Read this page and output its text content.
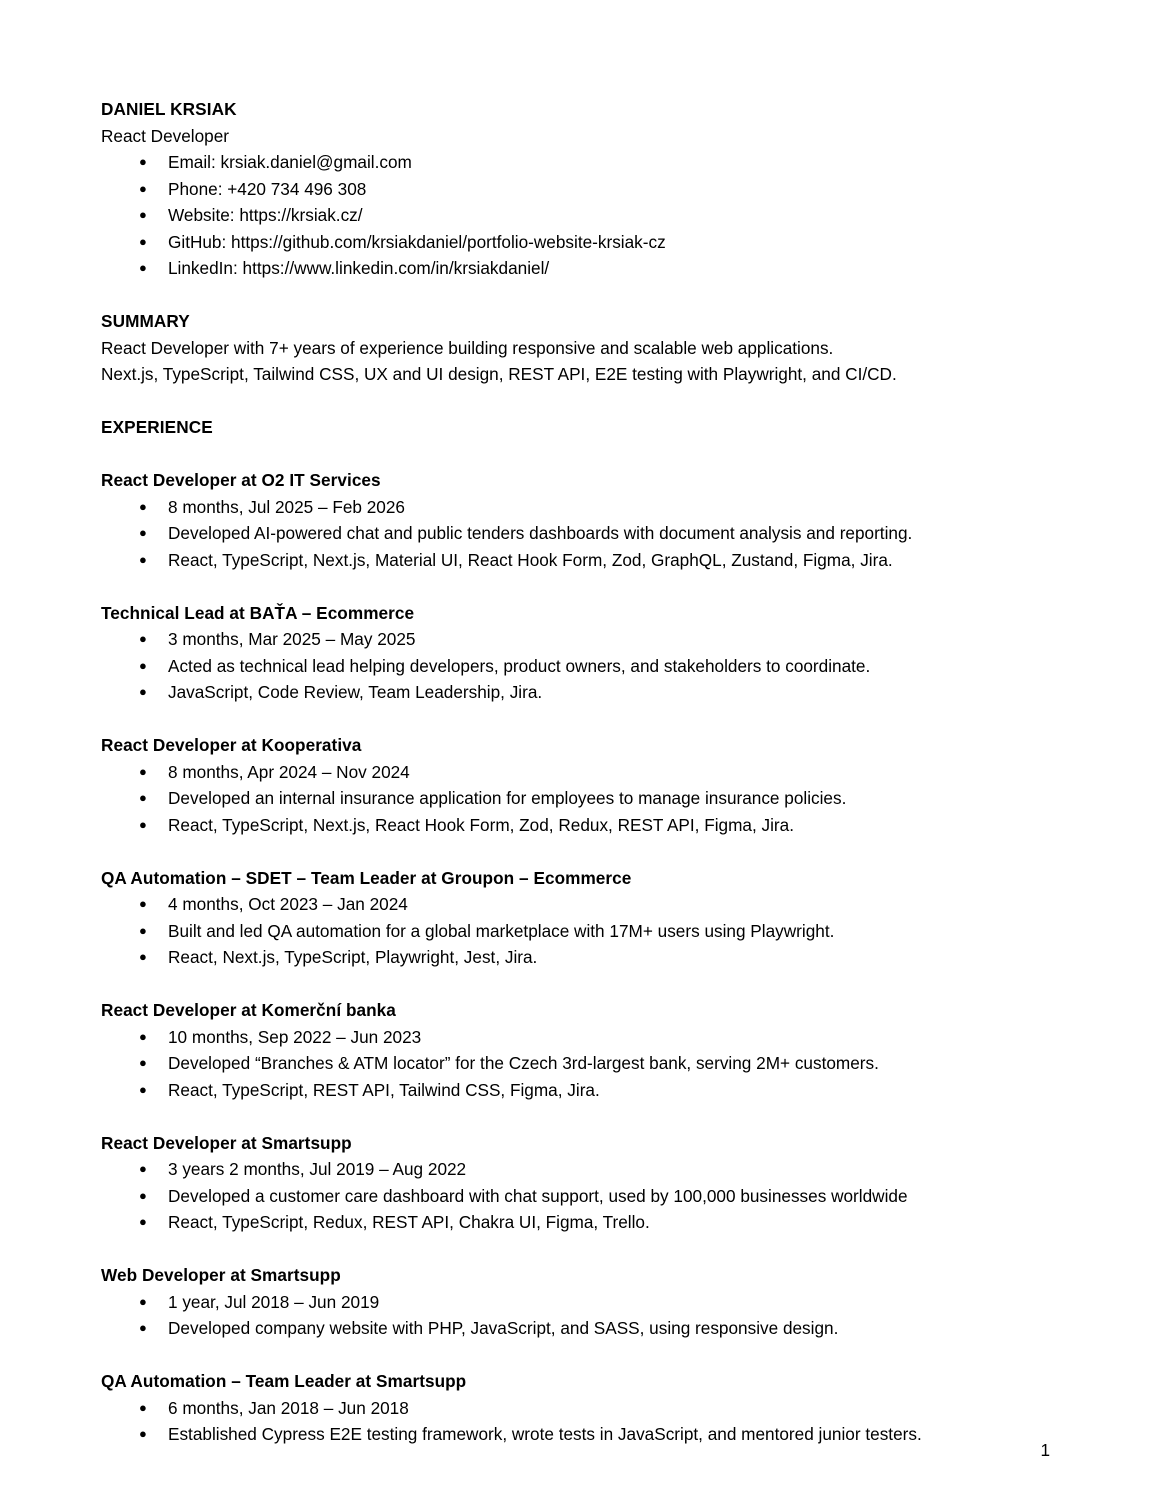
DANIEL KRSIAK
React Developer
● Email: krsiak.daniel@gmail.com
● Phone: +420 734 496 308
● Website: https://krsiak.cz/
● GitHub: https://github.com/krsiakdaniel/portfolio-website-krsiak-cz
● LinkedIn: https://www.linkedin.com/in/krsiakdaniel/

SUMMARY
React Developer with 7+ years of experience building responsive and scalable web applications.
Next.js, TypeScript, Tailwind CSS, UX and UI design, REST API, E2E testing with Playwright, and CI/CD.

EXPERIENCE

React Developer at O2 IT Services
● 8 months, Jul 2025 – Feb 2026
● Developed AI-powered chat and public tenders dashboards with document analysis and reporting.
● React, TypeScript, Next.js, Material UI, React Hook Form, Zod, GraphQL, Zustand, Figma, Jira.

Technical Lead at BAŤA – Ecommerce
● 3 months, Mar 2025 – May 2025
● Acted as technical lead helping developers, product owners, and stakeholders to coordinate.
● JavaScript, Code Review, Team Leadership, Jira.

React Developer at Kooperativa
● 8 months, Apr 2024 – Nov 2024
● Developed an internal insurance application for employees to manage insurance policies.
● React, TypeScript, Next.js, React Hook Form, Zod, Redux, REST API, Figma, Jira.

QA Automation – SDET – Team Leader at Groupon – Ecommerce
● 4 months, Oct 2023 – Jan 2024
● Built and led QA automation for a global marketplace with 17M+ users using Playwright.
● React, Next.js, TypeScript, Playwright, Jest, Jira.

React Developer at Komerční banka
● 10 months, Sep 2022 – Jun 2023
● Developed “Branches & ATM locator” for the Czech 3rd-largest bank, serving 2M+ customers.
● React, TypeScript, REST API, Tailwind CSS, Figma, Jira.

React Developer at Smartsupp
● 3 years 2 months, Jul 2019 – Aug 2022
● Developed a customer care dashboard with chat support, used by 100,000 businesses worldwide
● React, TypeScript, Redux, REST API, Chakra UI, Figma, Trello.

Web Developer at Smartsupp
● 1 year, Jul 2018 – Jun 2019
● Developed company website with PHP, JavaScript, and SASS, using responsive design.

QA Automation – Team Leader at Smartsupp
● 6 months, Jan 2018 – Jun 2018
● Established Cypress E2E testing framework, wrote tests in JavaScript, and mentored junior testers.
1
